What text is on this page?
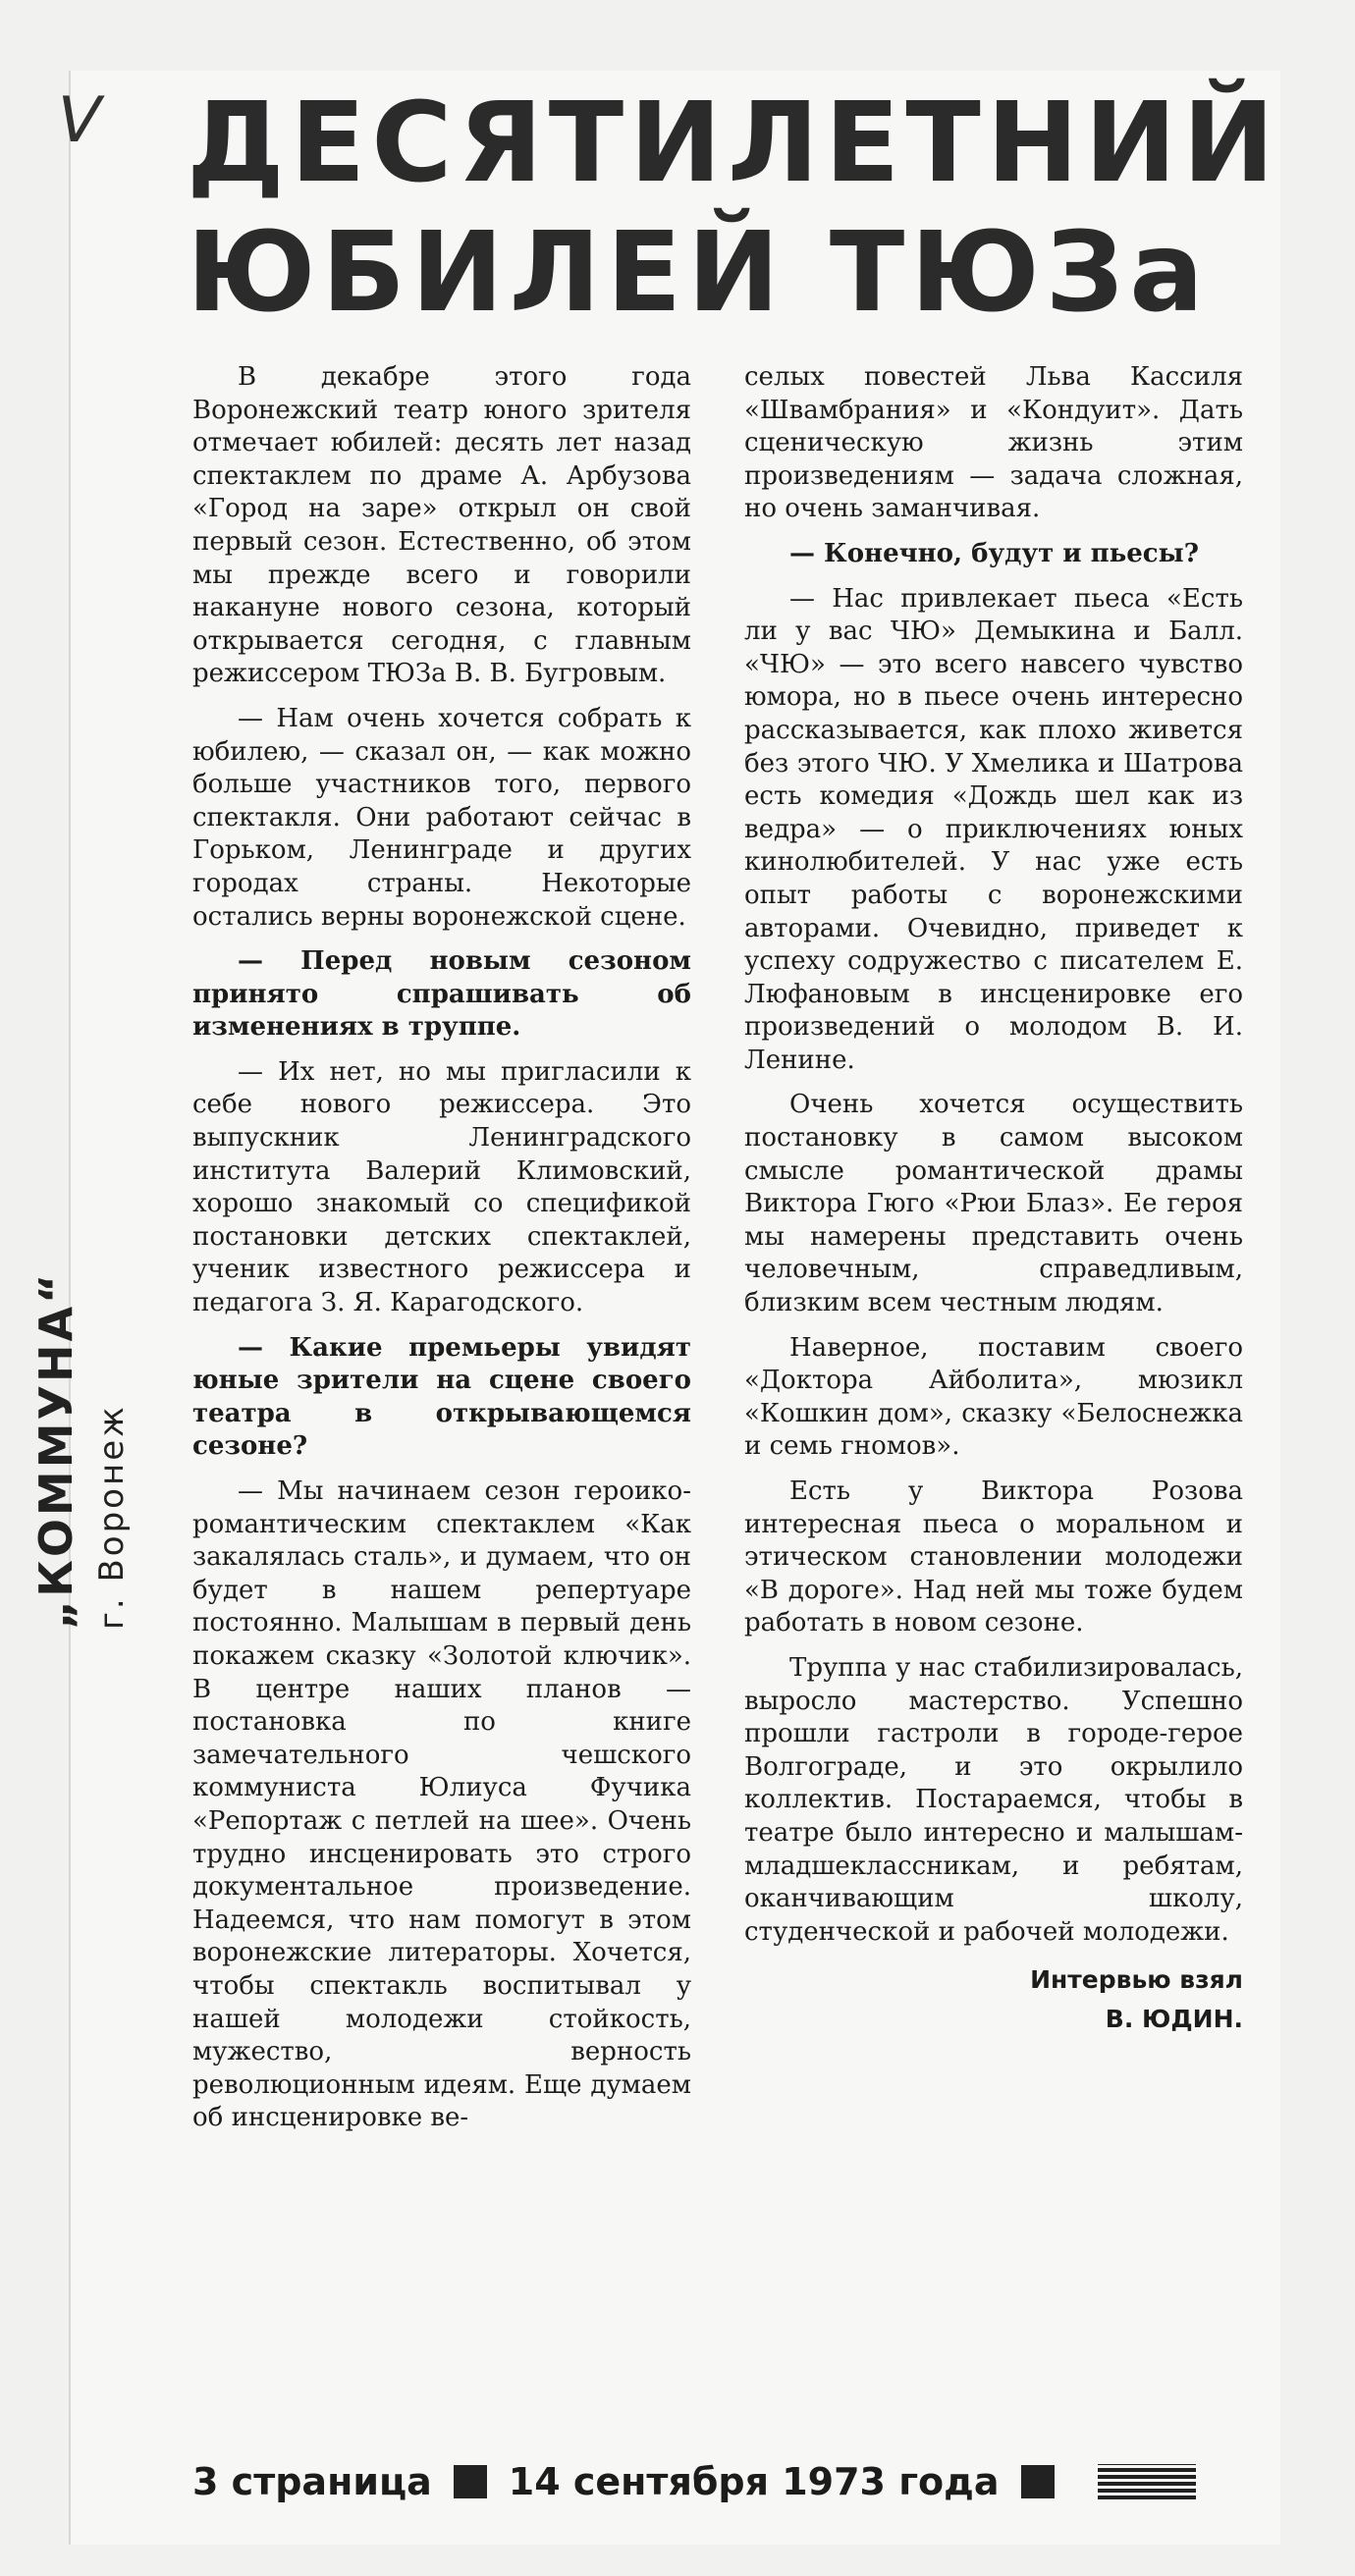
V ДЕСЯТИЛЕТНИЙ
ЮБИЛЕЙ ТЮЗа
„КОММУНА“ г. Воронеж

В декабре этого года Воронежский театр юного зрителя отмечает юбилей: десять лет назад спектаклем по драме А. Арбузова «Город на заре» открыл он свой первый сезон. Естественно, об этом мы прежде всего и говорили накануне нового сезона, который открывается сегодня, с главным режиссером ТЮЗа В. В. Бугровым.

— Нам очень хочется собрать к юбилею, — сказал он, — как можно больше участников того, первого спектакля. Они работают сейчас в Горьком, Ленинграде и других городах страны. Некоторые остались верны воронежской сцене.

— Перед новым сезоном принято спрашивать об изменениях в труппе.

— Их нет, но мы пригласили к себе нового режиссера. Это выпускник Ленинградского института Валерий Климовский, хорошо знакомый со спецификой постановки детских спектаклей, ученик известного режиссера и педагога З. Я. Карагодского.

— Какие премьеры увидят юные зрители на сцене своего театра в открывающемся сезоне?

— Мы начинаем сезон героико-романтическим спектаклем «Как закалялась сталь», и думаем, что он будет в нашем репертуаре постоянно. Малышам в первый день покажем сказку «Золотой ключик». В центре наших планов — постановка по книге замечательного чешского коммуниста Юлиуса Фучика «Репортаж с петлей на шее». Очень трудно инсценировать это строго документальное произведение. Надеемся, что нам помогут в этом воронежские литераторы. Хочется, чтобы спектакль воспитывал у нашей молодежи стойкость, мужество, верность революционным идеям. Еще думаем об инсценировке ве-

селых повестей Льва Кассиля «Швамбрания» и «Кондуит». Дать сценическую жизнь этим произведениям — задача сложная, но очень заманчивая.

— Конечно, будут и пьесы?

— Нас привлекает пьеса «Есть ли у вас ЧЮ» Демыкина и Балл. «ЧЮ» — это всего навсего чувство юмора, но в пьесе очень интересно рассказывается, как плохо живется без этого ЧЮ. У Хмелика и Шатрова есть комедия «Дождь шел как из ведра» — о приключениях юных кинолюбителей. У нас уже есть опыт работы с воронежскими авторами. Очевидно, приведет к успеху содружество с писателем Е. Люфановым в инсценировке его произведений о молодом В. И. Ленине.

Очень хочется осуществить постановку в самом высоком смысле романтической драмы Виктора Гюго «Рюи Блаз». Ее героя мы намерены представить очень человечным, справедливым, близким всем честным людям.

Наверное, поставим своего «Доктора Айболита», мюзикл «Кошкин дом», сказку «Белоснежка и семь гномов».

Есть у Виктора Розова интересная пьеса о моральном и этическом становлении молодежи «В дороге». Над ней мы тоже будем работать в новом сезоне.

Труппа у нас стабилизировалась, выросло мастерство. Успешно прошли гастроли в городе-герое Волгограде, и это окрылило коллектив. Постараемся, чтобы в театре было интересно и малышам-младшеклассникам, и ребятам, оканчивающим школу, студенческой и рабочей молодежи.

Интервью взял
В. ЮДИН.
3 страница 14 сентября 1973 года
